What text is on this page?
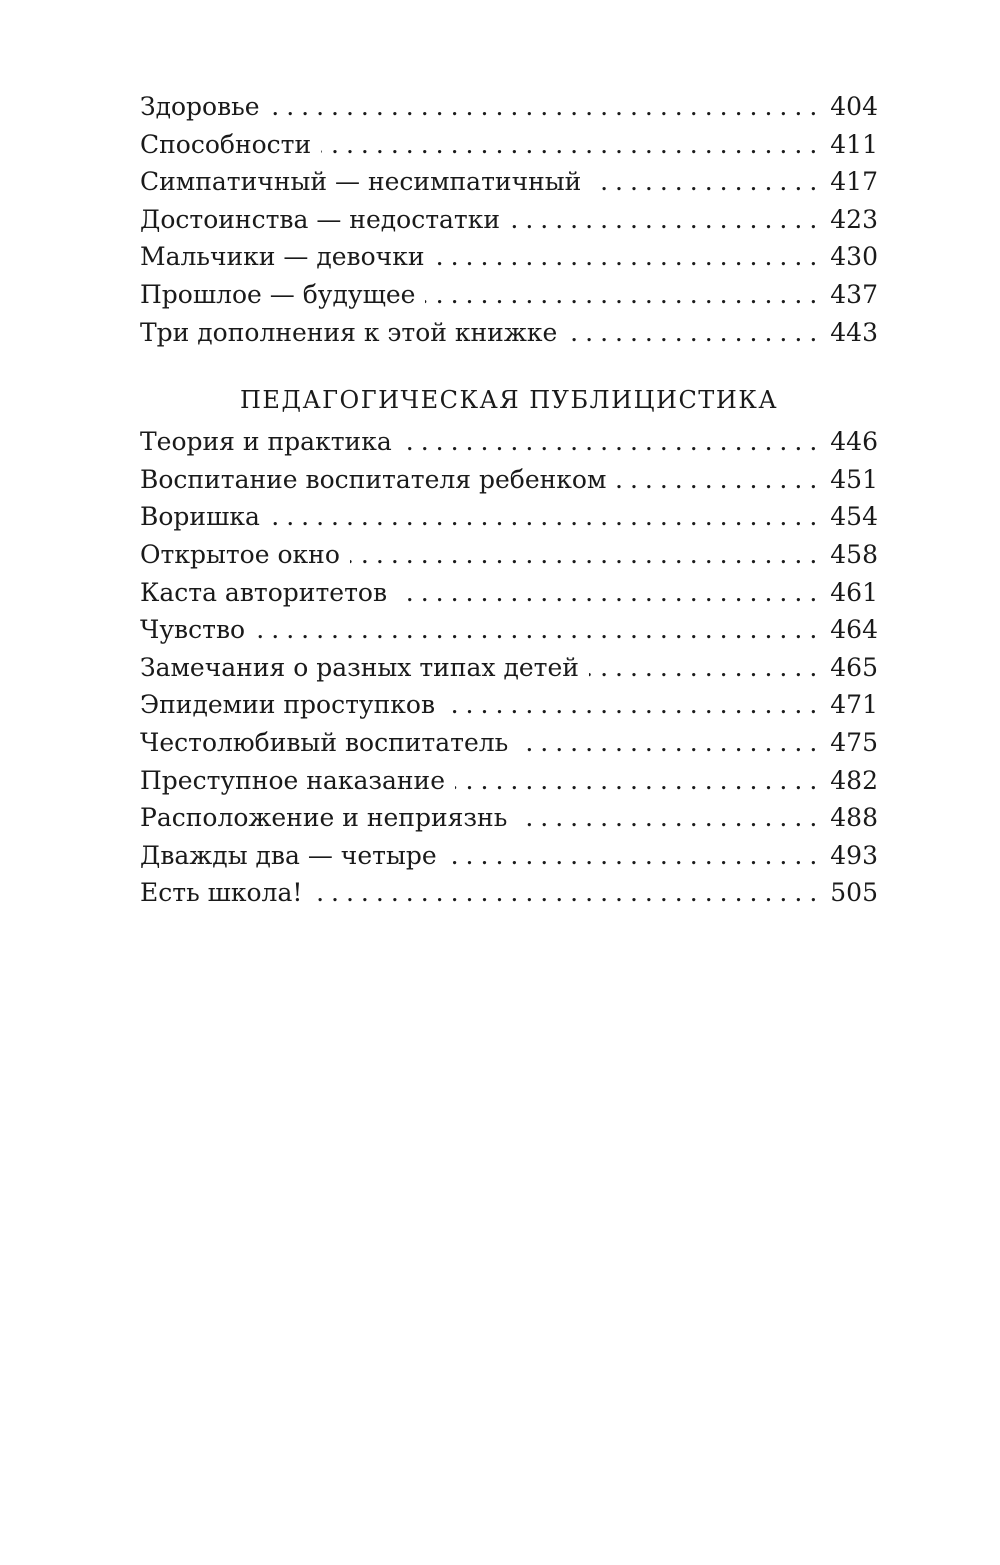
Здоровье .....	404
Способности .....	411
Симпатичный — несимпатичный .....	417
Достоинства — недостатки .....	423
Мальчики — девочки .....	430
Прошлое — будущее .....	437
Три дополнения к этой книжке .....	443
ПЕДАГОГИЧЕСКАЯ ПУБЛИЦИСТИКА
Теория и практика .....	446
Воспитание воспитателя ребенком .....	451
Воришка .....	454
Открытое окно .....	458
Каста авторитетов .....	461
Чувство .....	464
Замечания о разных типах детей .....	465
Эпидемии проступков .....	471
Честолюбивый воспитатель .....	475
Преступное наказание .....	482
Расположение и неприязнь .....	488
Дважды два — четыре .....	493
Есть школа! .....	505
